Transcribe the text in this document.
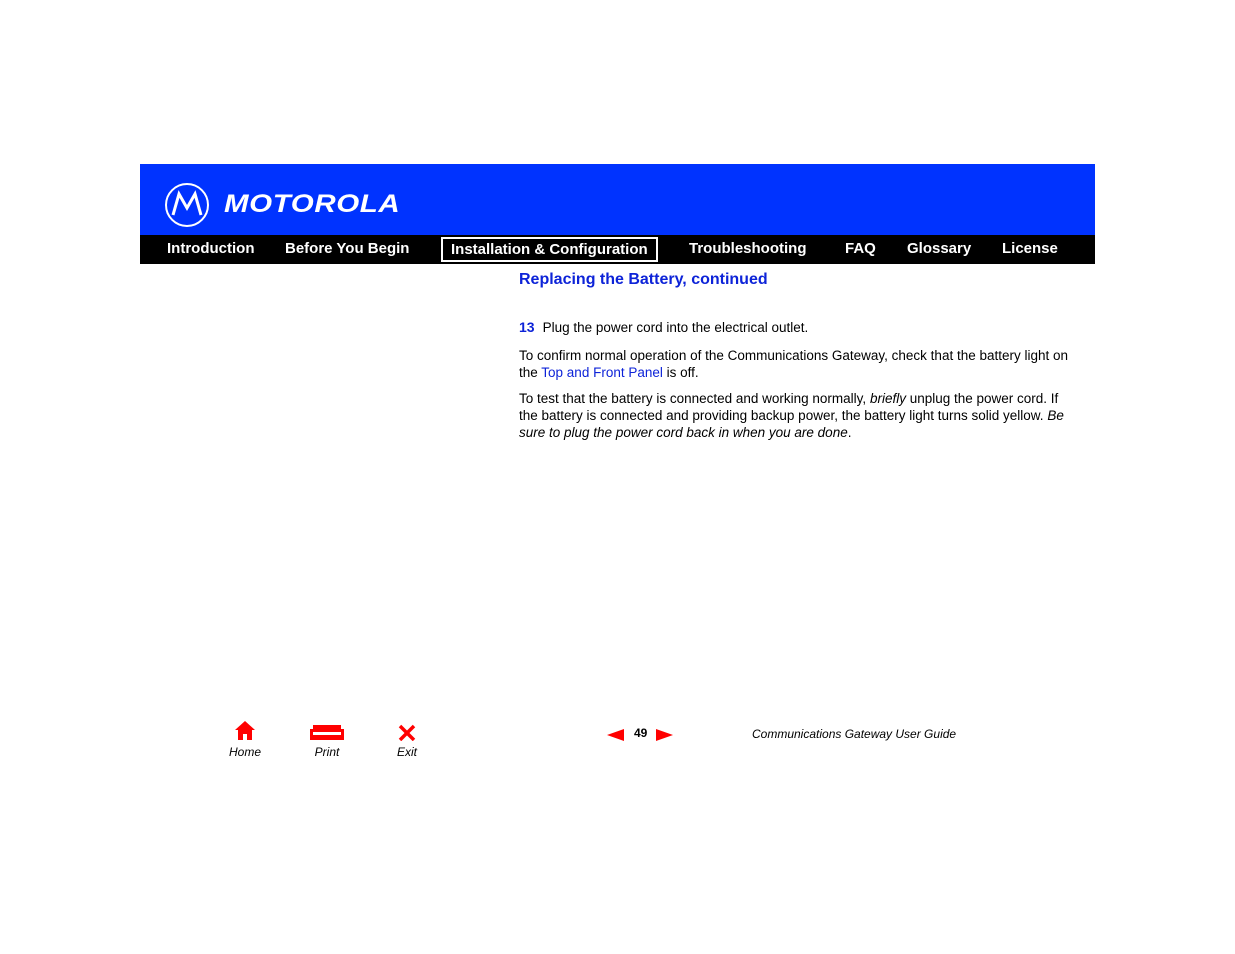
MOTOROLA
Introduction Before You Begin	Installation & Configuration	Troubleshooting	FAQ Glossary License
Replacing the Battery, continued
13 Plug the power cord into the electrical outlet.
To confirm normal operation of the Communications Gateway, check that the battery light on the Top and Front Panel is off.
To test that the battery is connected and working normally, briefly unplug the power cord. If the battery is connected and providing backup power, the battery light turns solid yellow. Be sure to plug the power cord back in when you are done.
Home	Print	Exit
49	Communications Gateway User Guide
